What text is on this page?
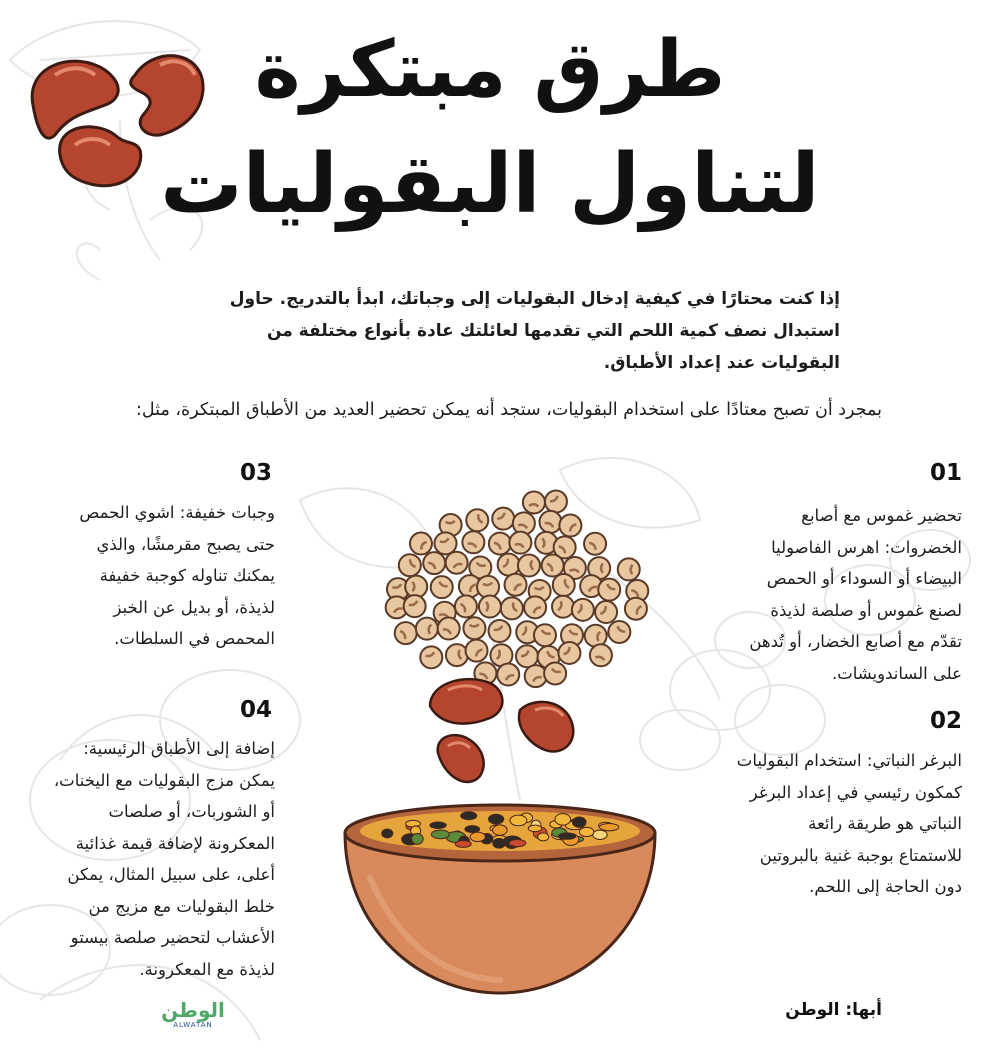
طرق مبتكرة
لتناول البقوليات
إذا كنت محتارًا في كيفية إدخال البقوليات إلى وجباتك، ابدأ بالتدريج. حاول استبدال نصف كمية اللحم التي تقدمها لعائلتك عادة بأنواع مختلفة من البقوليات عند إعداد الأطباق.
بمجرد أن تصبح معتادًا على استخدام البقوليات، ستجد أنه يمكن تحضير العديد من الأطباق المبتكرة، مثل:
01
تحضير غموس مع أصابع
الخضروات: اهرس الفاصوليا
البيضاء أو السوداء أو الحمص
لصنع غموس أو صلصة لذيذة
تقدّم مع أصابع الخضار، أو تُدهن
على الساندويشات.
02
البرغر النباتي: استخدام البقوليات
كمكون رئيسي في إعداد البرغر
النباتي هو طريقة رائعة
للاستمتاع بوجبة غنية بالبروتين
دون الحاجة إلى اللحم.
03
وجبات خفيفة: اشوي الحمص
حتى يصبح مقرمشًا، والذي
يمكنك تناوله كوجبة خفيفة
لذيذة، أو بديل عن الخبز
المحمص في السلطات.
04
إضافة إلى الأطباق الرئيسية:
يمكن مزج البقوليات مع اليخنات،
أو الشوربات، أو صلصات
المعكرونة لإضافة قيمة غذائية
أعلى، على سبيل المثال، يمكن
خلط البقوليات مع مزيج من
الأعشاب لتحضير صلصة بيستو
لذيذة مع المعكرونة.
أبها: الوطن
الوطن
ALWATAN
